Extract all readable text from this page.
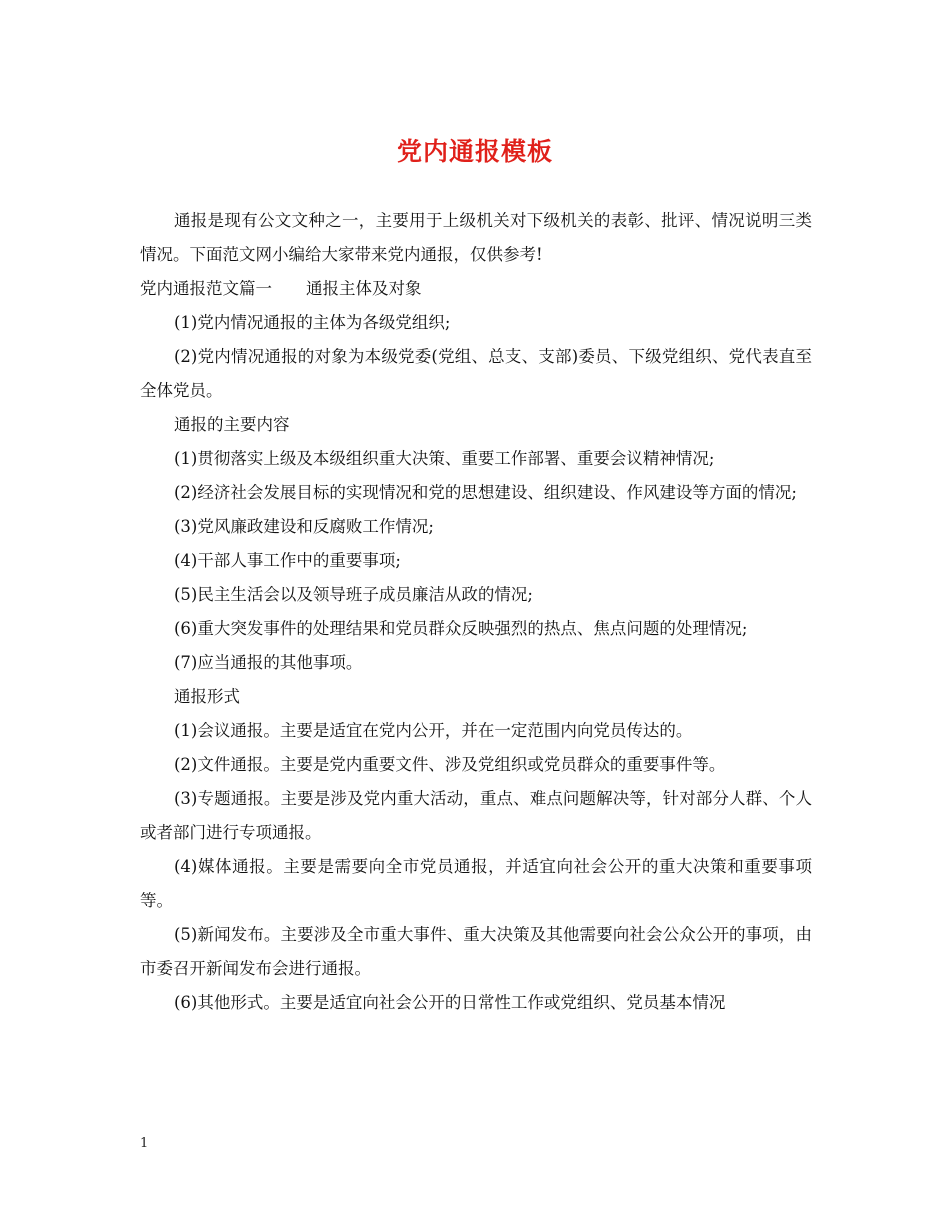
党内通报模板

通报是现有公文文种之一，主要用于上级机关对下级机关的表彰、批评、情况说明三类情况。下面范文网小编给大家带来党内通报，仅供参考!

党内通报范文篇一 通报主体及对象

(1)党内情况通报的主体为各级党组织;

(2)党内情况通报的对象为本级党委(党组、总支、支部)委员、下级党组织、党代表直至全体党员。

通报的主要内容

(1)贯彻落实上级及本级组织重大决策、重要工作部署、重要会议精神情况;

(2)经济社会发展目标的实现情况和党的思想建设、组织建设、作风建设等方面的情况;

(3)党风廉政建设和反腐败工作情况;

(4)干部人事工作中的重要事项;

(5)民主生活会以及领导班子成员廉洁从政的情况;

(6)重大突发事件的处理结果和党员群众反映强烈的热点、焦点问题的处理情况;

(7)应当通报的其他事项。

通报形式

(1)会议通报。主要是适宜在党内公开，并在一定范围内向党员传达的。

(2)文件通报。主要是党内重要文件、涉及党组织或党员群众的重要事件等。

(3)专题通报。主要是涉及党内重大活动，重点、难点问题解决等，针对部分人群、个人或者部门进行专项通报。

(4)媒体通报。主要是需要向全市党员通报，并适宜向社会公开的重大决策和重要事项等。

(5)新闻发布。主要涉及全市重大事件、重大决策及其他需要向社会公众公开的事项，由市委召开新闻发布会进行通报。

(6)其他形式。主要是适宜向社会公开的日常性工作或党组织、党员基本情况

1
